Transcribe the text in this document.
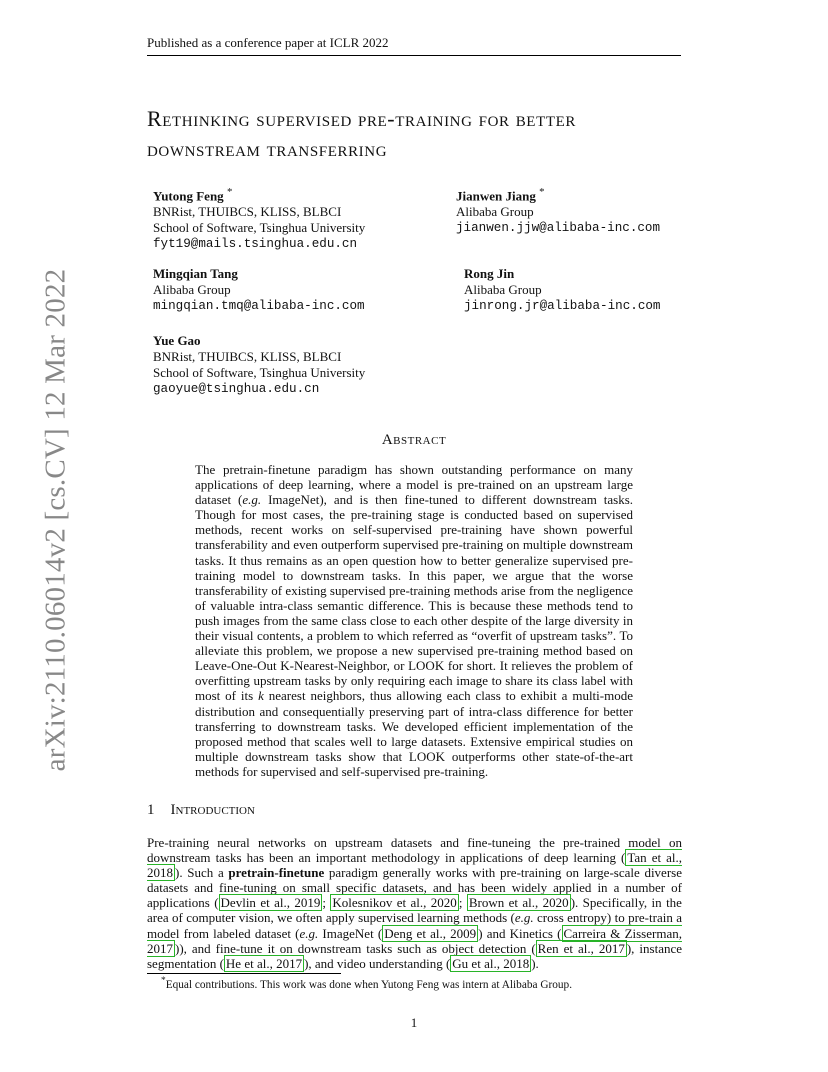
Published as a conference paper at ICLR 2022
arXiv:2110.06014v2 [cs.CV] 12 Mar 2022
Rethinking supervised pre-training for better
downstream transferring
Yutong Feng *
BNRist, THUIBCS, KLISS, BLBCI
School of Software, Tsinghua University
fyt19@mails.tsinghua.edu.cn
Jianwen Jiang *
Alibaba Group
jianwen.jjw@alibaba-inc.com
Mingqian Tang
Alibaba Group
mingqian.tmq@alibaba-inc.com
Rong Jin
Alibaba Group
jinrong.jr@alibaba-inc.com
Yue Gao
BNRist, THUIBCS, KLISS, BLBCI
School of Software, Tsinghua University
gaoyue@tsinghua.edu.cn
Abstract
The pretrain-finetune paradigm has shown outstanding performance on many applications of deep learning, where a model is pre-trained on an upstream large dataset (e.g. ImageNet), and is then fine-tuned to different downstream tasks. Though for most cases, the pre-training stage is conducted based on supervised methods, recent works on self-supervised pre-training have shown powerful transferability and even outperform supervised pre-training on multiple downstream tasks. It thus remains as an open question how to better generalize supervised pre-training model to downstream tasks. In this paper, we argue that the worse transferability of existing supervised pre-training methods arise from the negligence of valuable intra-class semantic difference. This is because these methods tend to push images from the same class close to each other despite of the large diversity in their visual contents, a problem to which referred as “overfit of upstream tasks”. To alleviate this problem, we propose a new supervised pre-training method based on Leave-One-Out K-Nearest-Neighbor, or LOOK for short. It relieves the problem of overfitting upstream tasks by only requiring each image to share its class label with most of its k nearest neighbors, thus allowing each class to exhibit a multi-mode distribution and consequentially preserving part of intra-class difference for better transferring to downstream tasks. We developed efficient implementation of the proposed method that scales well to large datasets. Extensive empirical studies on multiple downstream tasks show that LOOK outperforms other state-of-the-art methods for supervised and self-supervised pre-training.
1 Introduction
Pre-training neural networks on upstream datasets and fine-tuneing the pre-trained model on downstream tasks has been an important methodology in applications of deep learning ( Tan et al., 2018 ). Such a pretrain-finetune paradigm generally works with pre-training on large-scale diverse datasets and fine-tuning on small specific datasets, and has been widely applied in a number of applications ( Devlin et al., 2019 ; Kolesnikov et al., 2020 ; Brown et al., 2020 ). Specifically, in the area of computer vision, we often apply supervised learning methods (e.g. cross entropy) to pre-train a model from labeled dataset (e.g. ImageNet ( Deng et al., 2009 ) and Kinetics ( Carreira & Zisserman, 2017 )), and fine-tune it on downstream tasks such as object detection ( Ren et al., 2017 ), instance segmentation ( He et al., 2017 ), and video understanding ( Gu et al., 2018 ).
*Equal contributions. This work was done when Yutong Feng was intern at Alibaba Group.
1
